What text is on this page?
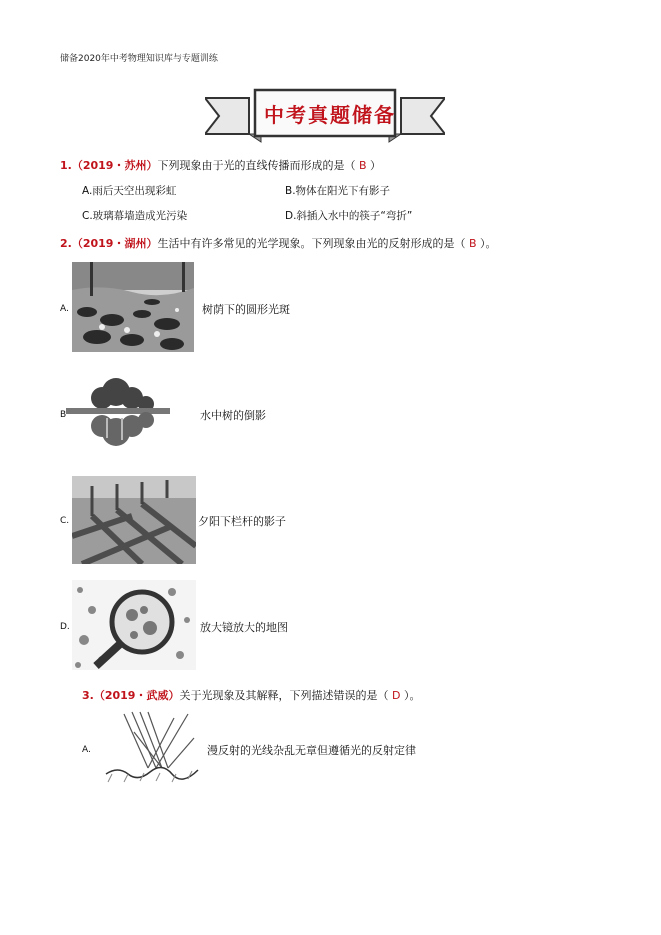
储备2020年中考物理知识库与专题训练
中考真题储备
1.（2019・苏州）下列现象由于光的直线传播而形成的是（ B ）
A.雨后天空出现彩虹	B.物体在阳光下有影子
C.玻璃幕墙造成光污染	D.斜插入水中的筷子“弯折”
2.（2019・湖州）生活中有许多常见的光学现象。下列现象由光的反射形成的是（ B ）。
A.	树荫下的圆形光斑
B	水中树的倒影
C.	夕阳下栏杆的影子
D.	放大镜放大的地图
3.（2019・武威）关于光现象及其解释，下列描述错误的是（ D ）。
A.	漫反射的光线杂乱无章但遵循光的反射定律
